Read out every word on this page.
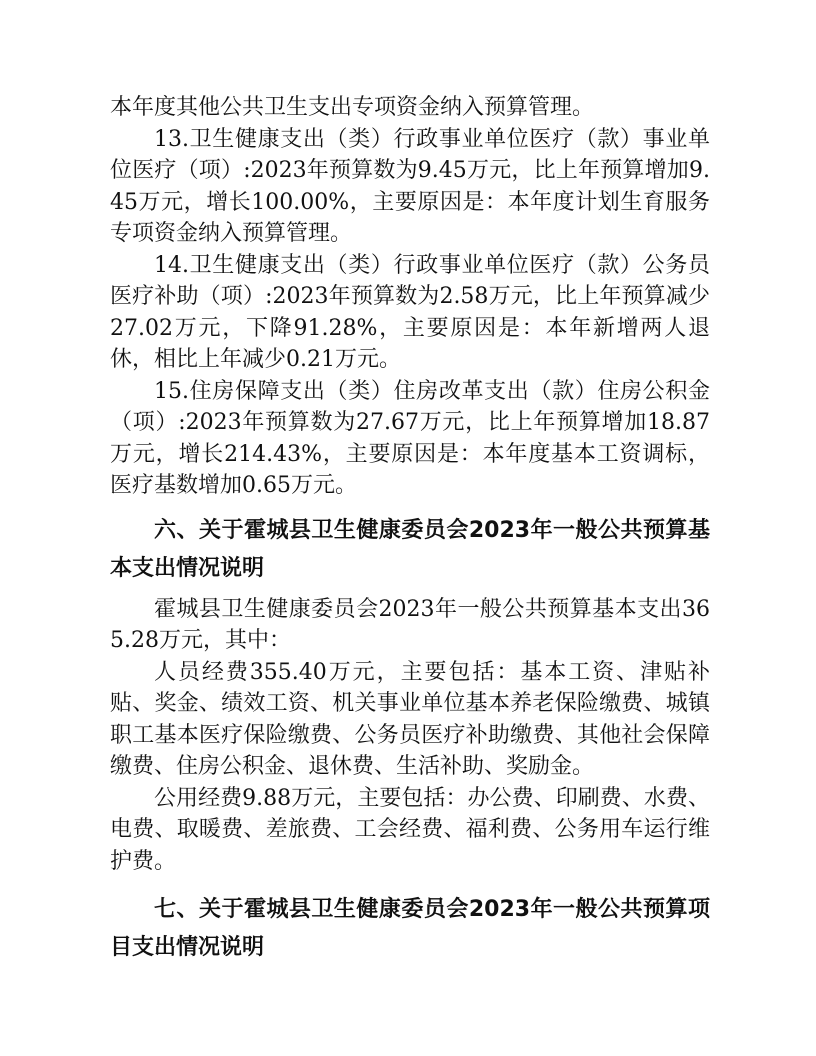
本年度其他公共卫生支出专项资金纳入预算管理。

13.卫生健康支出（类）行政事业单位医疗（款）事业单位医疗（项）:2023年预算数为9.45万元，比上年预算增加9.45万元，增长100.00%，主要原因是：本年度计划生育服务专项资金纳入预算管理。

14.卫生健康支出（类）行政事业单位医疗（款）公务员医疗补助（项）:2023年预算数为2.58万元，比上年预算减少27.02万元，下降91.28%，主要原因是：本年新增两人退休，相比上年减少0.21万元。

15.住房保障支出（类）住房改革支出（款）住房公积金（项）:2023年预算数为27.67万元，比上年预算增加18.87万元，增长214.43%，主要原因是：本年度基本工资调标，医疗基数增加0.65万元。

六、关于霍城县卫生健康委员会2023年一般公共预算基本支出情况说明

霍城县卫生健康委员会2023年一般公共预算基本支出365.28万元，其中：

人员经费355.40万元，主要包括：基本工资、津贴补贴、奖金、绩效工资、机关事业单位基本养老保险缴费、城镇职工基本医疗保险缴费、公务员医疗补助缴费、其他社会保障缴费、住房公积金、退休费、生活补助、奖励金。

公用经费9.88万元，主要包括：办公费、印刷费、水费、电费、取暖费、差旅费、工会经费、福利费、公务用车运行维护费。

七、关于霍城县卫生健康委员会2023年一般公共预算项目支出情况说明
